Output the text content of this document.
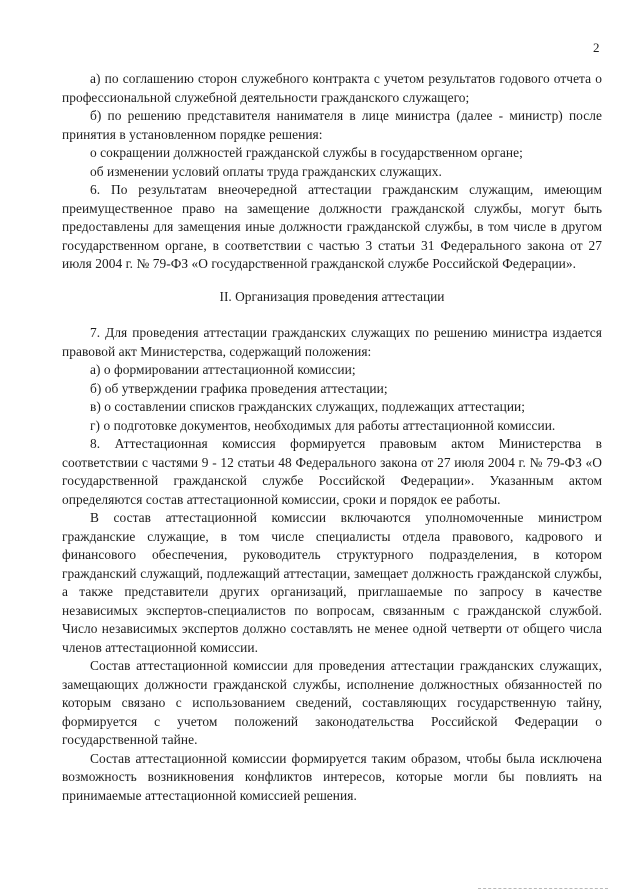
2

а) по соглашению сторон служебного контракта с учетом результатов годового отчета о профессиональной служебной деятельности гражданского служащего;

б) по решению представителя нанимателя в лице министра (далее - министр) после принятия в установленном порядке решения:

о сокращении должностей гражданской службы в государственном органе;

об изменении условий оплаты труда гражданских служащих.

6. По результатам внеочередной аттестации гражданским служащим, имеющим преимущественное право на замещение должности гражданской службы, могут быть предоставлены для замещения иные должности гражданской службы, в том числе в другом государственном органе, в соответствии с частью 3 статьи 31 Федерального закона от 27 июля 2004 г. № 79-ФЗ «О государственной гражданской службе Российской Федерации».

II. Организация проведения аттестации

7. Для проведения аттестации гражданских служащих по решению министра издается правовой акт Министерства, содержащий положения:

а) о формировании аттестационной комиссии;

б) об утверждении графика проведения аттестации;

в) о составлении списков гражданских служащих, подлежащих аттестации;

г) о подготовке документов, необходимых для работы аттестационной комиссии.

8. Аттестационная комиссия формируется правовым актом Министерства в соответствии с частями 9 - 12 статьи 48 Федерального закона от 27 июля 2004 г. № 79-ФЗ «О государственной гражданской службе Российской Федерации». Указанным актом определяются состав аттестационной комиссии, сроки и порядок ее работы.

В состав аттестационной комиссии включаются уполномоченные министром гражданские служащие, в том числе специалисты отдела правового, кадрового и финансового обеспечения, руководитель структурного подразделения, в котором гражданский служащий, подлежащий аттестации, замещает должность гражданской службы, а также представители других организаций, приглашаемые по запросу в качестве независимых экспертов-специалистов по вопросам, связанным с гражданской службой. Число независимых экспертов должно составлять не менее одной четверти от общего числа членов аттестационной комиссии.

Состав аттестационной комиссии для проведения аттестации гражданских служащих, замещающих должности гражданской службы, исполнение должностных обязанностей по которым связано с использованием сведений, составляющих государственную тайну, формируется с учетом положений законодательства Российской Федерации о государственной тайне.

Состав аттестационной комиссии формируется таким образом, чтобы была исключена возможность возникновения конфликтов интересов, которые могли бы повлиять на принимаемые аттестационной комиссией решения.
